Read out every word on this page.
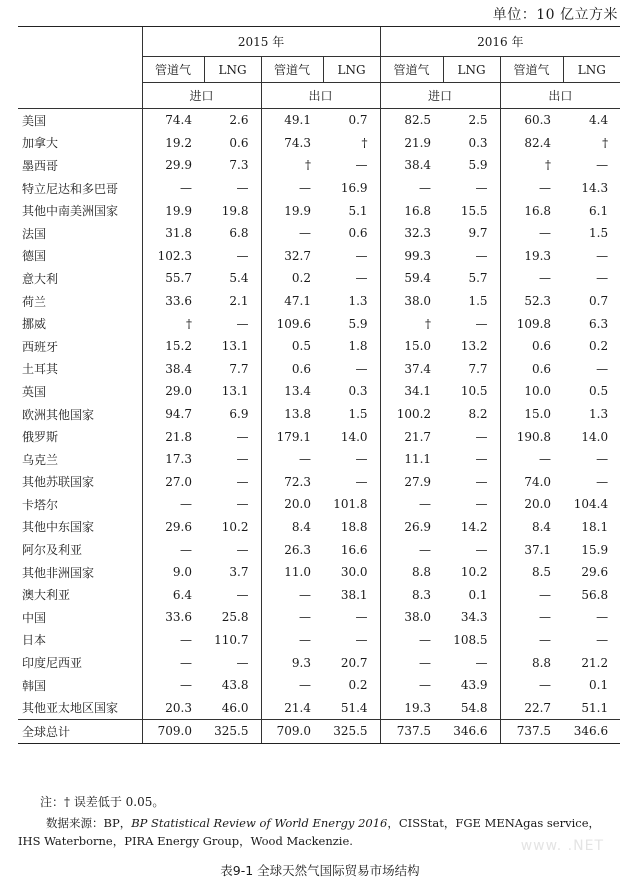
单位：10 亿立方米
	2015 年				2016 年			
	管道气	LNG	管道气	LNG	管道气	LNG	管道气	LNG
	进口		出口		进口		出口	
美国	74.4	2.6	49.1	0.7	82.5	2.5	60.3	4.4
加拿大	19.2	0.6	74.3	†	21.9	0.3	82.4	†
墨西哥	29.9	7.3	†	—	38.4	5.9	†	—
特立尼达和多巴哥	—	—	—	16.9	—	—	—	14.3
其他中南美洲国家	19.9	19.8	19.9	5.1	16.8	15.5	16.8	6.1
法国	31.8	6.8	—	0.6	32.3	9.7	—	1.5
德国	102.3	—	32.7	—	99.3	—	19.3	—
意大利	55.7	5.4	0.2	—	59.4	5.7	—	—
荷兰	33.6	2.1	47.1	1.3	38.0	1.5	52.3	0.7
挪威	†	—	109.6	5.9	†	—	109.8	6.3
西班牙	15.2	13.1	0.5	1.8	15.0	13.2	0.6	0.2
土耳其	38.4	7.7	0.6	—	37.4	7.7	0.6	—
英国	29.0	13.1	13.4	0.3	34.1	10.5	10.0	0.5
欧洲其他国家	94.7	6.9	13.8	1.5	100.2	8.2	15.0	1.3
俄罗斯	21.8	—	179.1	14.0	21.7	—	190.8	14.0
乌克兰	17.3	—	—	—	11.1	—	—	—
其他苏联国家	27.0	—	72.3	—	27.9	—	74.0	—
卡塔尔	—	—	20.0	101.8	—	—	20.0	104.4
其他中东国家	29.6	10.2	8.4	18.8	26.9	14.2	8.4	18.1
阿尔及利亚	—	—	26.3	16.6	—	—	37.1	15.9
其他非洲国家	9.0	3.7	11.0	30.0	8.8	10.2	8.5	29.6
澳大利亚	6.4	—	—	38.1	8.3	0.1	—	56.8
中国	33.6	25.8	—	—	38.0	34.3	—	—
日本	—	110.7	—	—	—	108.5	—	—
印度尼西亚	—	—	9.3	20.7	—	—	8.8	21.2
韩国	—	43.8	—	0.2	—	43.9	—	0.1
其他亚太地区国家	20.3	46.0	21.4	51.4	19.3	54.8	22.7	51.1
全球总计	709.0	325.5	709.0	325.5	737.5	346.6	737.5	346.6
注：† 误差低于 0.05。
数据来源：BP，BP Statistical Review of World Energy 2016，CISStat，FGE MENAgas service，IHS Waterborne，PIRA Energy Group，Wood Mackenzie.	www. .NET
表9-1 全球天然气国际贸易市场结构
